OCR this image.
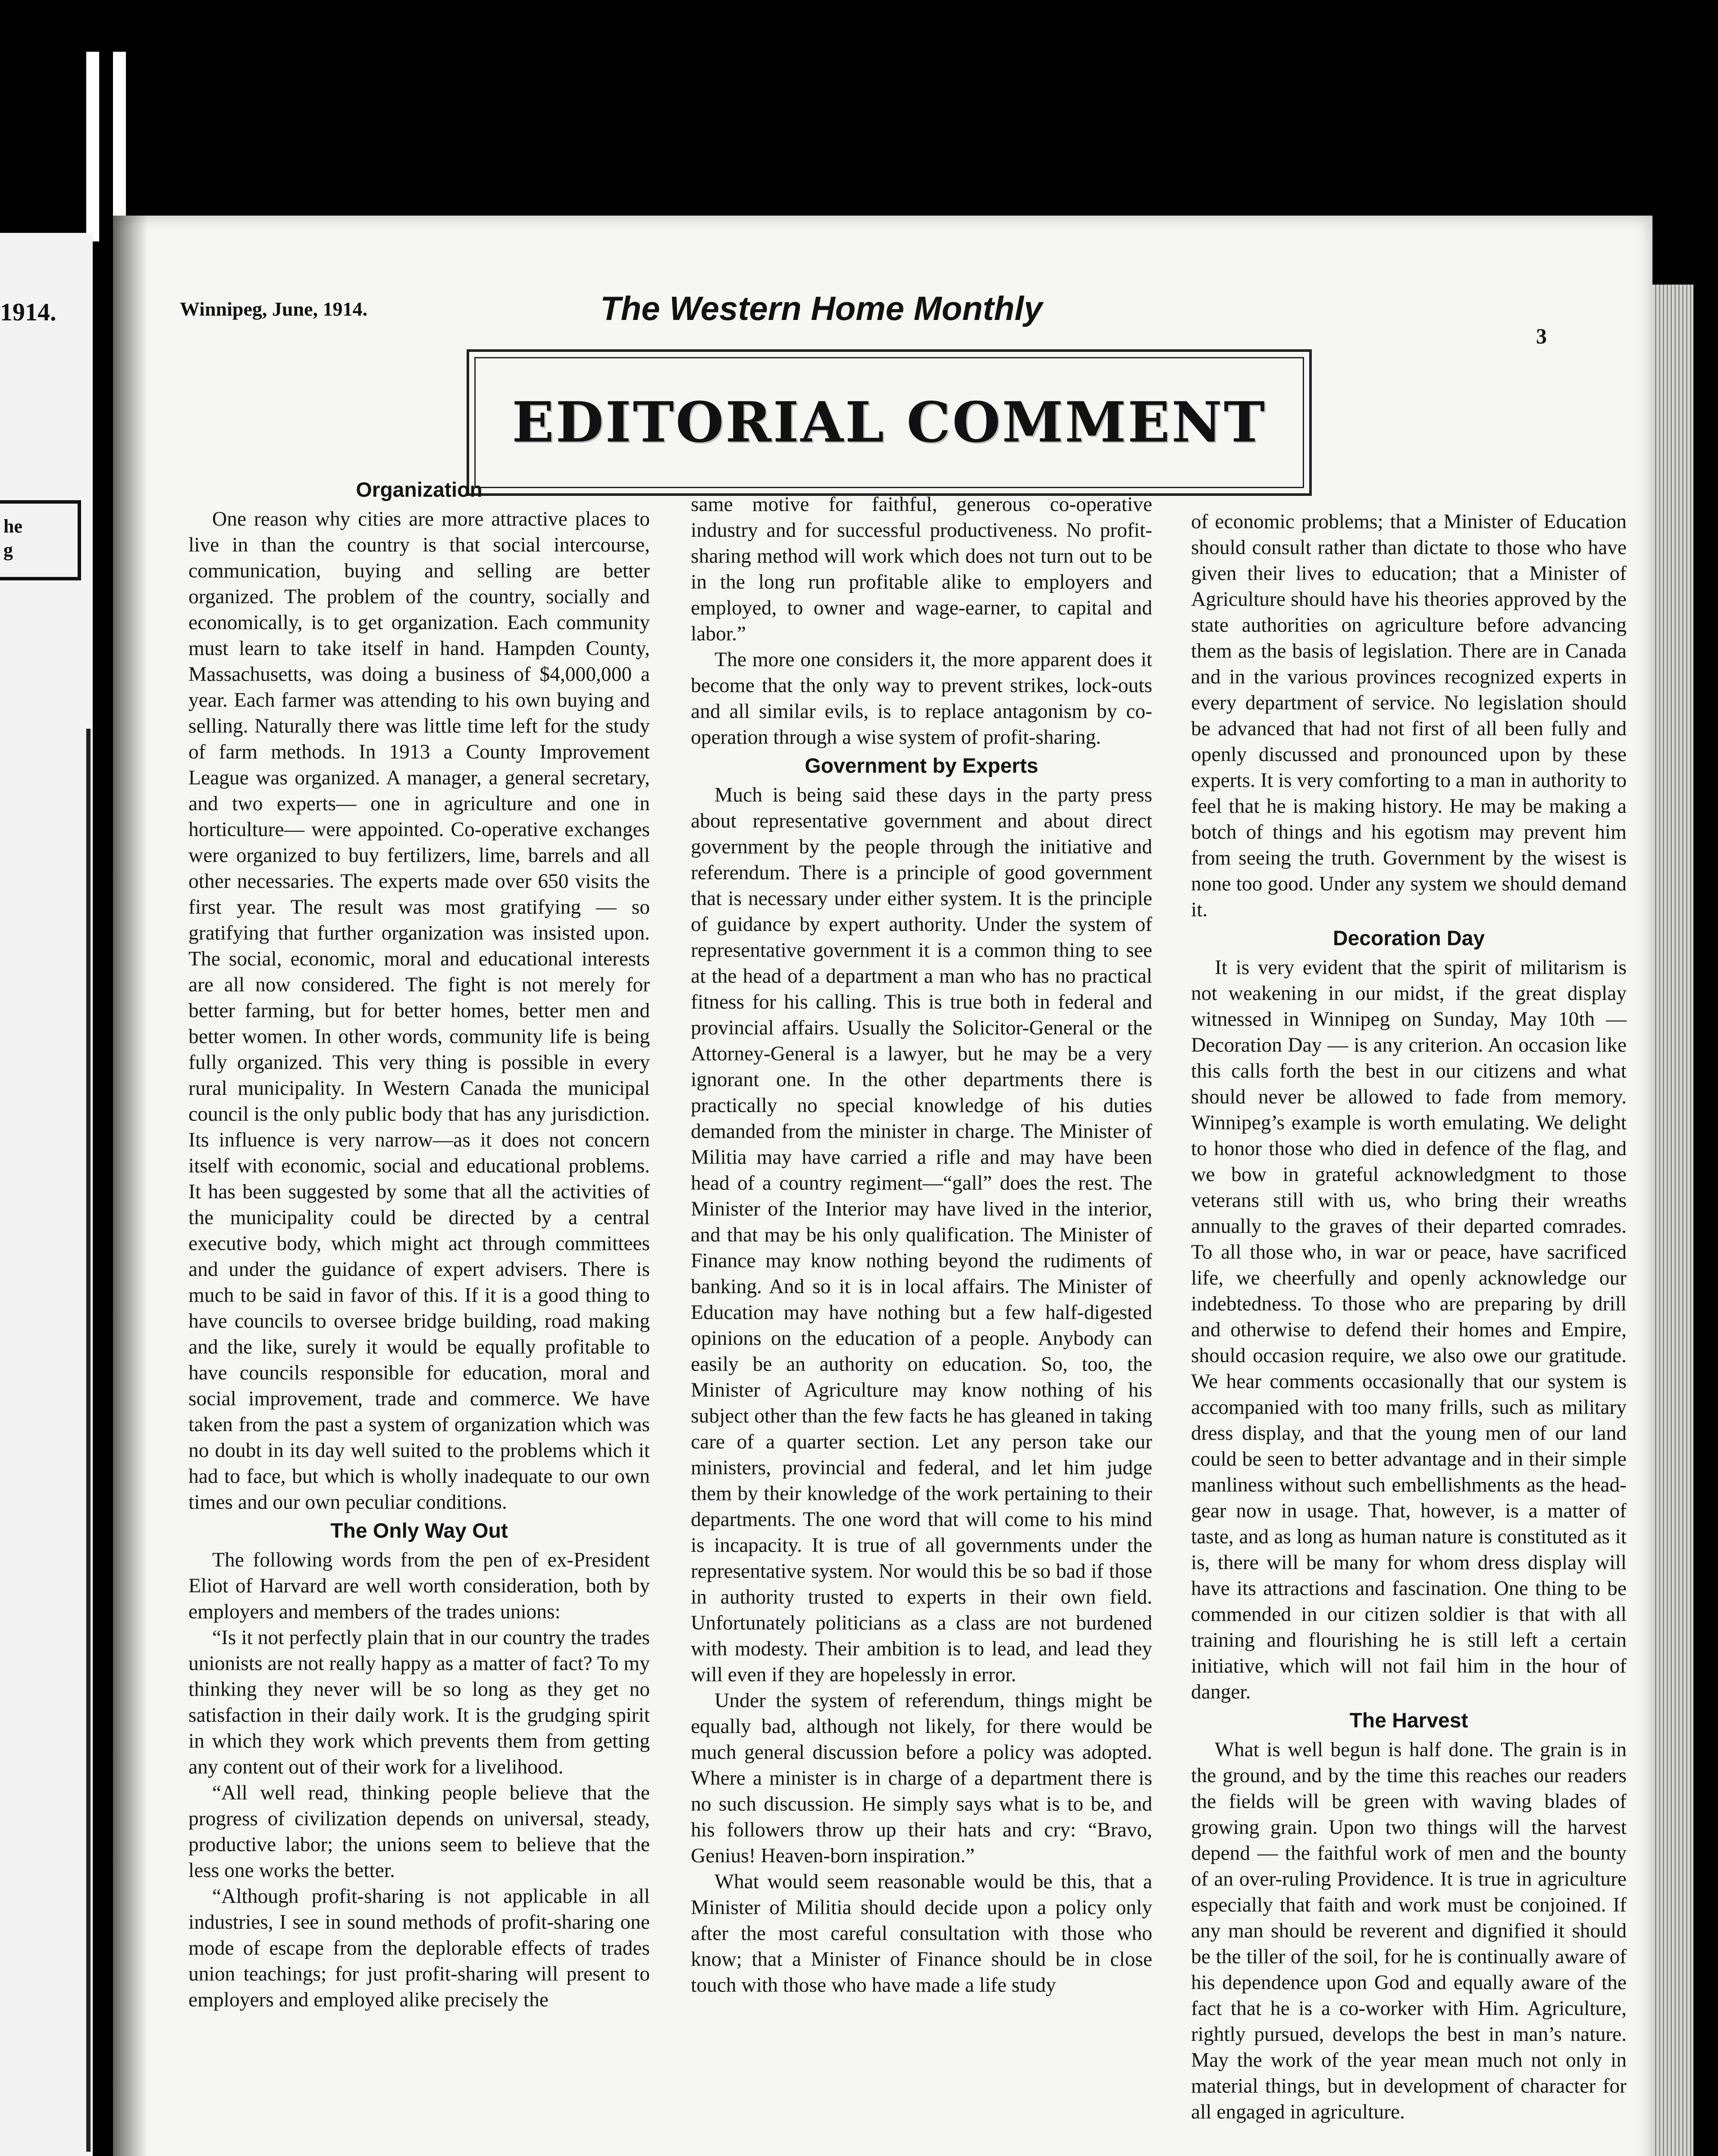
1914.
he
g
Winnipeg, June, 1914.	The Western Home Monthly
3
EDITORIAL COMMENT
Organization

One reason why cities are more attractive places to live in than the country is that social intercourse, communication, buying and selling are better organized. The problem of the country, socially and economically, is to get organization. Each community must learn to take itself in hand. Hampden County, Massachusetts, was doing a business of $4,000,000 a year. Each farmer was attending to his own buying and selling. Naturally there was little time left for the study of farm methods. In 1913 a County Improvement League was organized. A manager, a general secretary, and two experts— one in agriculture and one in horticulture— were appointed. Co-operative exchanges were organized to buy fertilizers, lime, barrels and all other necessaries. The experts made over 650 visits the first year. The result was most gratifying — so gratifying that further organization was insisted upon. The social, economic, moral and educational interests are all now considered. The fight is not merely for better farming, but for better homes, better men and better women. In other words, community life is being fully organized. This very thing is possible in every rural municipality. In Western Canada the municipal council is the only public body that has any jurisdiction. Its influence is very narrow—as it does not concern itself with economic, social and educational problems. It has been suggested by some that all the activities of the municipality could be directed by a central executive body, which might act through committees and under the guidance of expert advisers. There is much to be said in favor of this. If it is a good thing to have councils to oversee bridge building, road making and the like, surely it would be equally profitable to have councils responsible for education, moral and social improvement, trade and commerce. We have taken from the past a system of organization which was no doubt in its day well suited to the problems which it had to face, but which is wholly inadequate to our own times and our own peculiar conditions.

The Only Way Out

The following words from the pen of ex-President Eliot of Harvard are well worth consideration, both by employers and members of the trades unions:

“Is it not perfectly plain that in our country the trades unionists are not really happy as a matter of fact? To my thinking they never will be so long as they get no satisfaction in their daily work. It is the grudging spirit in which they work which prevents them from getting any content out of their work for a livelihood.

“All well read, thinking people believe that the progress of civilization depends on universal, steady, productive labor; the unions seem to believe that the less one works the better.

“Although profit-sharing is not applicable in all industries, I see in sound methods of profit-sharing one mode of escape from the deplorable effects of trades union teachings; for just profit-sharing will present to employers and employed alike precisely the

same motive for faithful, generous co-operative industry and for successful productiveness. No profit-sharing method will work which does not turn out to be in the long run profitable alike to employers and employed, to owner and wage-earner, to capital and labor.”

The more one considers it, the more apparent does it become that the only way to prevent strikes, lock-outs and all similar evils, is to replace antagonism by co-operation through a wise system of profit-sharing.

Government by Experts

Much is being said these days in the party press about representative government and about direct government by the people through the initiative and referendum. There is a principle of good government that is necessary under either system. It is the principle of guidance by expert authority. Under the system of representative government it is a common thing to see at the head of a department a man who has no practical fitness for his calling. This is true both in federal and provincial affairs. Usually the Solicitor-General or the Attorney-General is a lawyer, but he may be a very ignorant one. In the other departments there is practically no special knowledge of his duties demanded from the minister in charge. The Minister of Militia may have carried a rifle and may have been head of a country regiment—“gall” does the rest. The Minister of the Interior may have lived in the interior, and that may be his only qualification. The Minister of Finance may know nothing beyond the rudiments of banking. And so it is in local affairs. The Minister of Education may have nothing but a few half-digested opinions on the education of a people. Anybody can easily be an authority on education. So, too, the Minister of Agriculture may know nothing of his subject other than the few facts he has gleaned in taking care of a quarter section. Let any person take our ministers, provincial and federal, and let him judge them by their knowledge of the work pertaining to their departments. The one word that will come to his mind is incapacity. It is true of all governments under the representative system. Nor would this be so bad if those in authority trusted to experts in their own field. Unfortunately politicians as a class are not burdened with modesty. Their ambition is to lead, and lead they will even if they are hopelessly in error.

Under the system of referendum, things might be equally bad, although not likely, for there would be much general discussion before a policy was adopted. Where a minister is in charge of a department there is no such discussion. He simply says what is to be, and his followers throw up their hats and cry: “Bravo, Genius! Heaven-born inspiration.”

What would seem reasonable would be this, that a Minister of Militia should decide upon a policy only after the most careful consultation with those who know; that a Minister of Finance should be in close touch with those who have made a life study

of economic problems; that a Minister of Education should consult rather than dictate to those who have given their lives to education; that a Minister of Agriculture should have his theories approved by the state authorities on agriculture before advancing them as the basis of legislation. There are in Canada and in the various provinces recognized experts in every department of service. No legislation should be advanced that had not first of all been fully and openly discussed and pronounced upon by these experts. It is very comforting to a man in authority to feel that he is making history. He may be making a botch of things and his egotism may prevent him from seeing the truth. Government by the wisest is none too good. Under any system we should demand it.

Decoration Day

It is very evident that the spirit of militarism is not weakening in our midst, if the great display witnessed in Winnipeg on Sunday, May 10th — Decoration Day — is any criterion. An occasion like this calls forth the best in our citizens and what should never be allowed to fade from memory. Winnipeg’s example is worth emulating. We delight to honor those who died in defence of the flag, and we bow in grateful acknowledgment to those veterans still with us, who bring their wreaths annually to the graves of their departed comrades. To all those who, in war or peace, have sacrificed life, we cheerfully and openly acknowledge our indebtedness. To those who are preparing by drill and otherwise to defend their homes and Empire, should occasion require, we also owe our gratitude. We hear comments occasionally that our system is accompanied with too many frills, such as military dress display, and that the young men of our land could be seen to better advantage and in their simple manliness without such embellishments as the head-gear now in usage. That, however, is a matter of taste, and as long as human nature is constituted as it is, there will be many for whom dress display will have its attractions and fascination. One thing to be commended in our citizen soldier is that with all training and flourishing he is still left a certain initiative, which will not fail him in the hour of danger.

The Harvest

What is well begun is half done. The grain is in the ground, and by the time this reaches our readers the fields will be green with waving blades of growing grain. Upon two things will the harvest depend — the faithful work of men and the bounty of an over-ruling Providence. It is true in agriculture especially that faith and work must be conjoined. If any man should be reverent and dignified it should be the tiller of the soil, for he is continually aware of his dependence upon God and equally aware of the fact that he is a co-worker with Him. Agriculture, rightly pursued, develops the best in man’s nature. May the work of the year mean much not only in material things, but in development of character for all engaged in agriculture.
